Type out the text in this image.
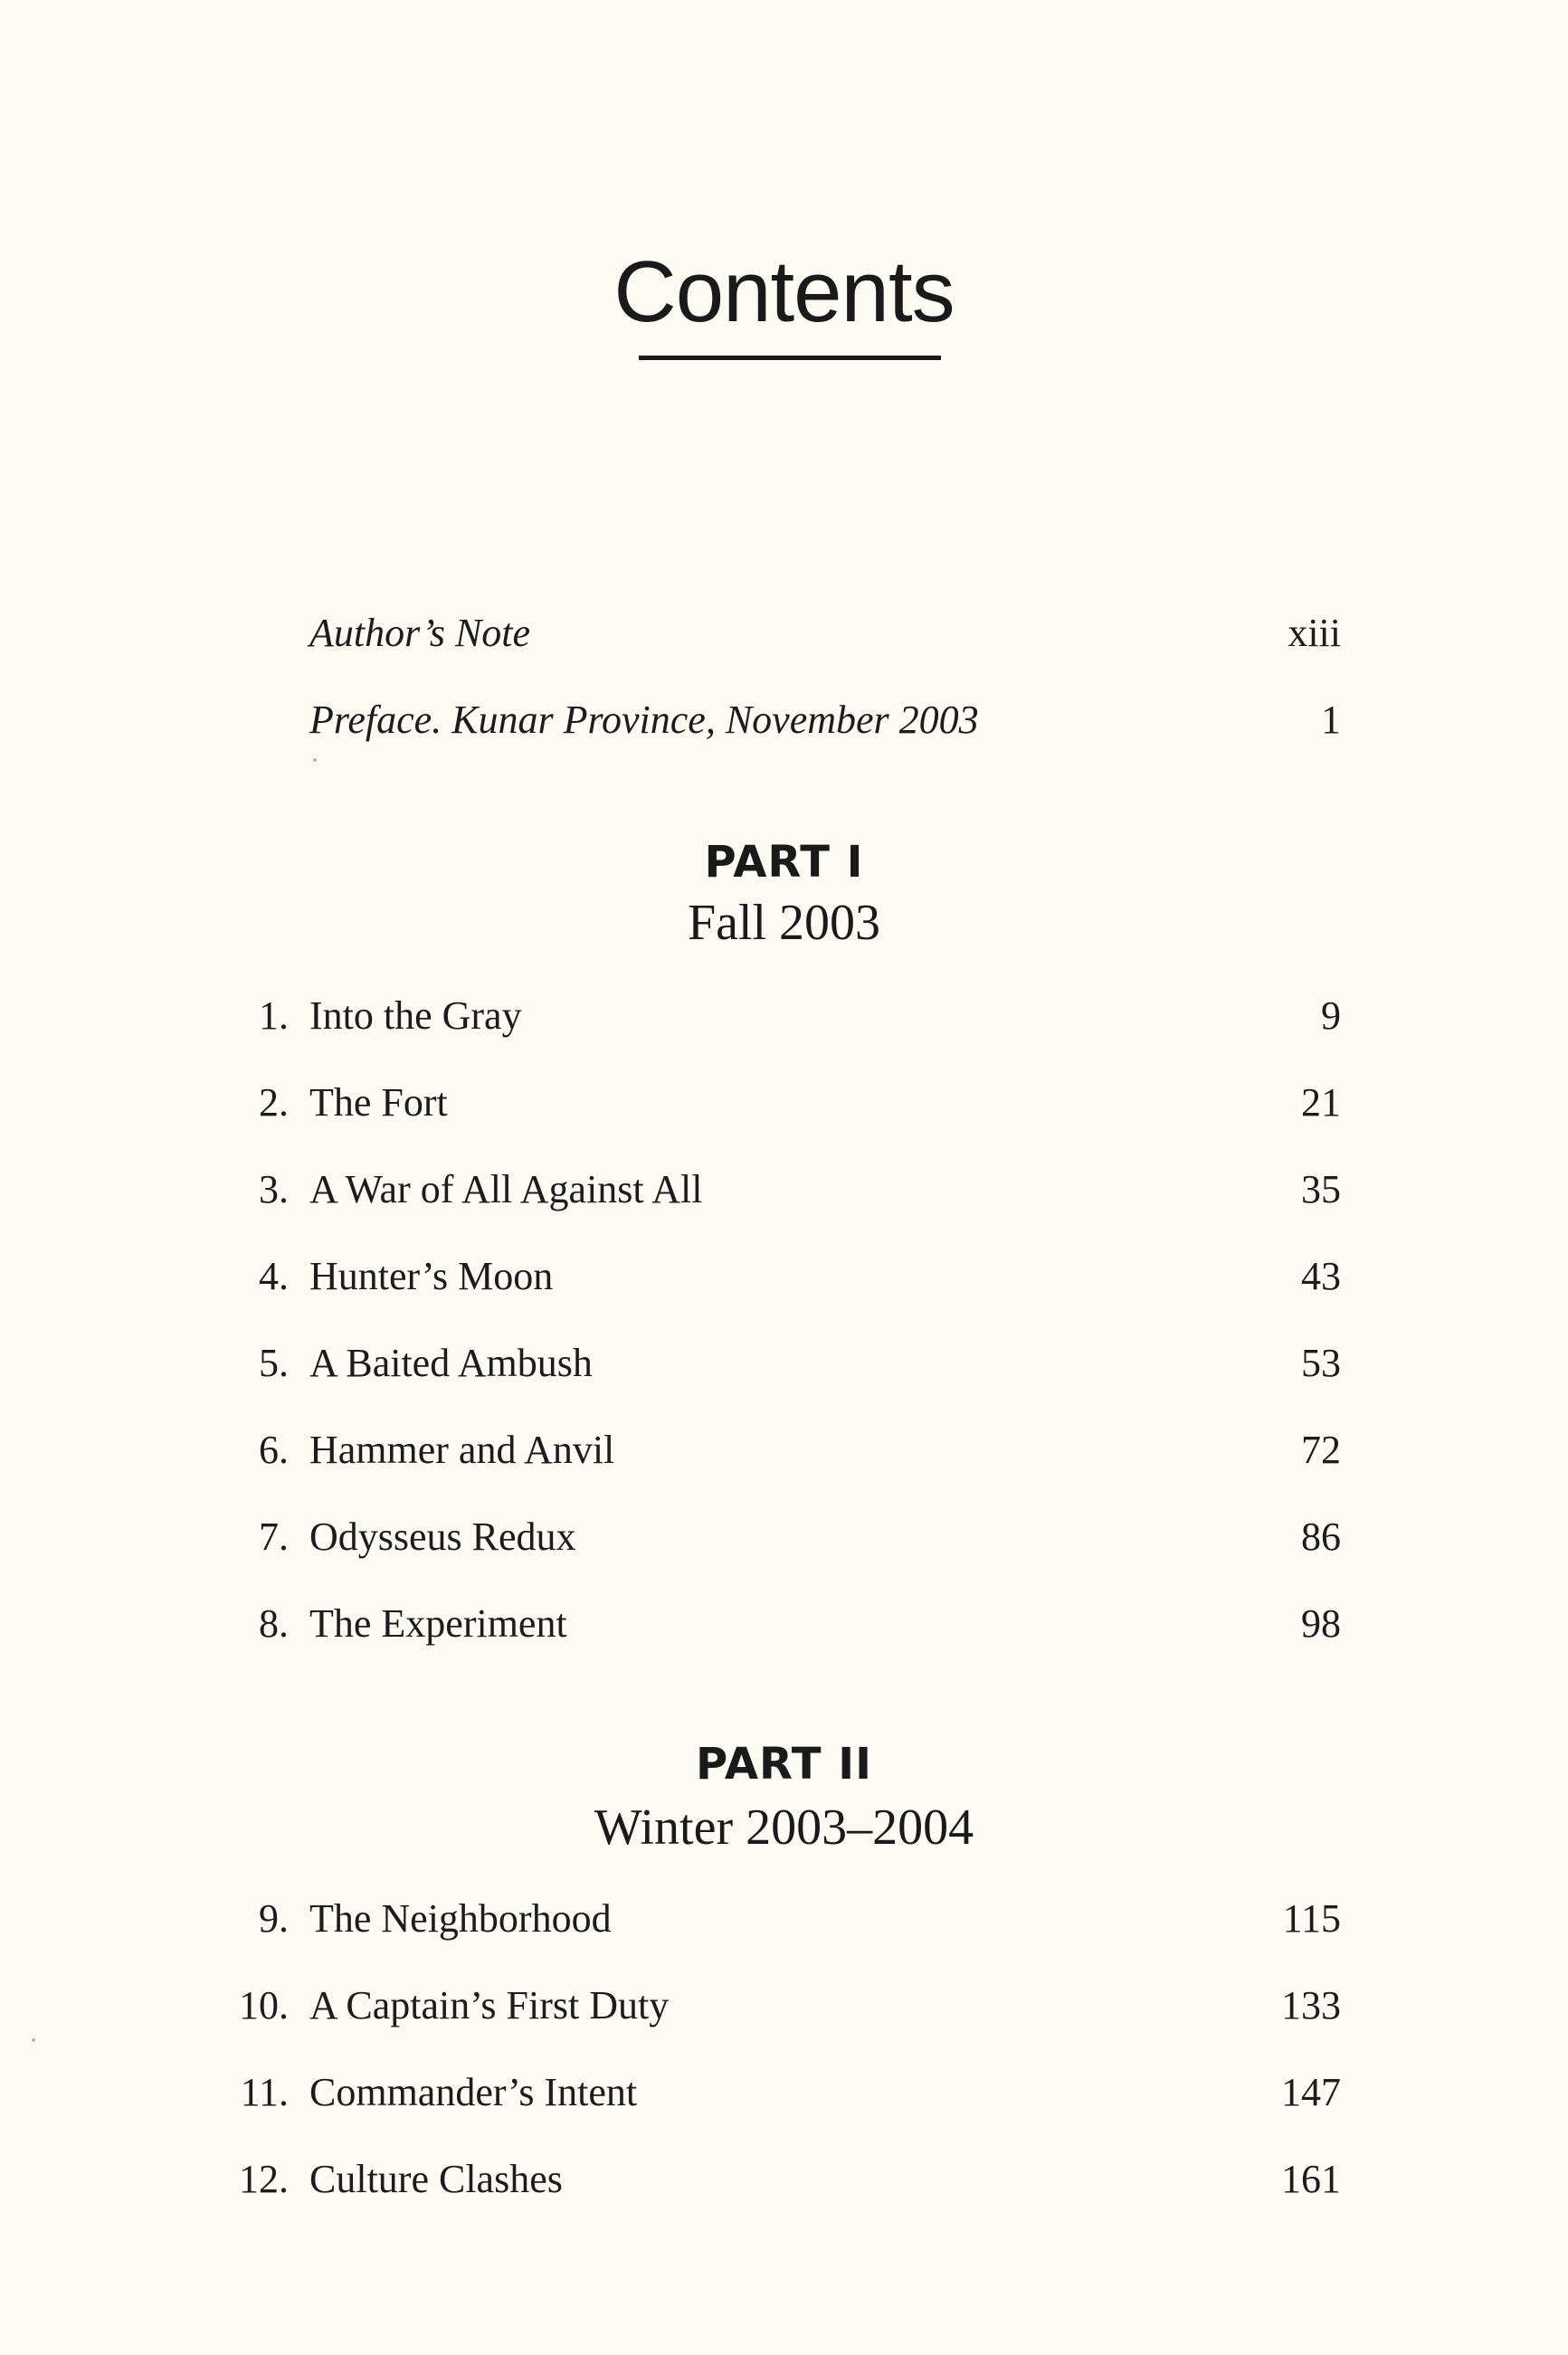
Contents
Author’s Note	xiii
Preface. Kunar Province, November 2003	1
PART I
Fall 2003
1. Into the Gray	9
2. The Fort	21
3. A War of All Against All	35
4. Hunter’s Moon	43
5. A Baited Ambush	53
6. Hammer and Anvil	72
7. Odysseus Redux	86
8. The Experiment	98
PART II
Winter 2003–2004
9. The Neighborhood	115
10. A Captain’s First Duty	133
11. Commander’s Intent	147
12. Culture Clashes	161
